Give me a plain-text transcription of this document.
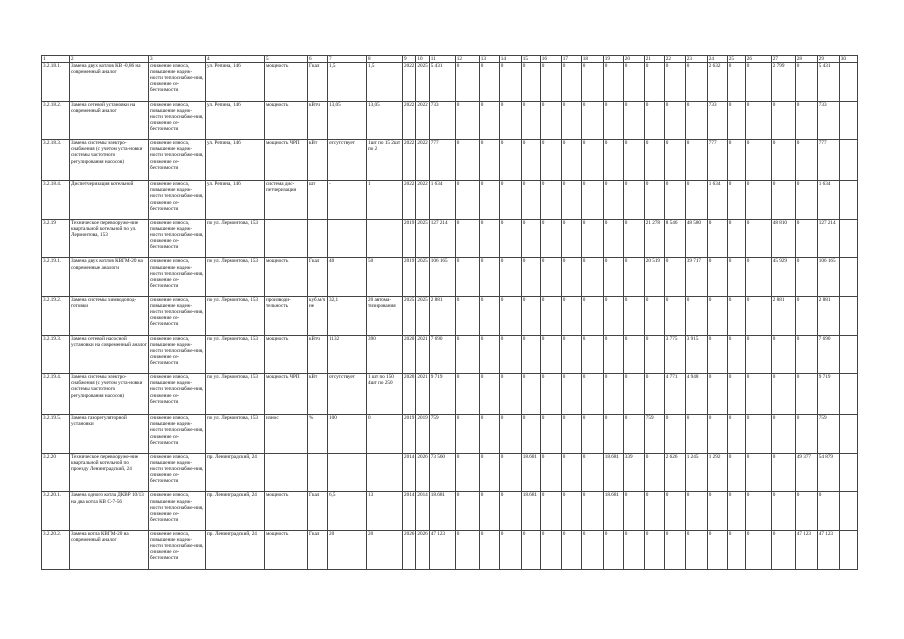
1	2	3	4	5	6	7	8	9	10	11	12	13	14	15	16	17	18	19	20	21	22	23	24	25	26	27	28	29	30
3.2.18.1.	Замена двух котлов КВ -0,86 на современный аналог	снижение износа, повышение надеж-ности теплоснабже-ния, снижение се-бестоимости	ул. Репина, 146	мощность	Гкал	1,5	1,5	2022	2025	5 431	0	0	0	0	0	0	0	0	0	0	0	0	2 632	0	0	2 799	0	5 431	
3.2.18.2.	Замена сетевой установки на современный аналог	снижение износа, повышение надеж-ности теплоснабже-ния, снижение се-бестоимости	ул. Репина, 146	мощность	кВтч	13,05	13,05	2022	2022	733	0	0	0	0	0	0	0	0	0	0	0	0	733	0	0	0	0	733	
3.2.18.3.	Замена системы электро-снабжения (с учетом уста-новки системы частотного регулирования насосов)	снижение износа, повышение надеж-ности теплоснабже-ния, снижение се-бестоимости	ул. Репина, 146	мощность ЧРП	кВт	отсутствует	1шт по 15 2шт по 2	2022	2022	777	0	0	0	0	0	0	0	0	0	0	0	0	777	0	0	0	0	777	
3.2.18.4.	Диспетчеризация котельной	снижение износа, повышение надеж-ности теплоснабже-ния, снижение се-бестоимости	ул. Репина, 146	система дис-петчеризации	шт	-	1	2022	2022	1 634	0	0	0	0	0	0	0	0	0	0	0	0	1 634	0	0	0	0	1 634	
3.2.19	Техническое перевооруже-ние квартальной котельной по ул. Лермонтова, 153	снижение износа, повышение надеж-ности теплоснабже-ния, снижение се-бестоимости	по ул. Лермонтова, 153					2019	2025	127 214	0	0	0	0	0	0	0	0	0	21 278	8 546	48 580	0	0	0	48 810	0	127 214	
3.2.19.1.	Замена двух котлов КВГМ-20 на современные аналоги	снижение износа, повышение надеж-ности теплоснабже-ния, снижение се-бестоимости	по ул. Лермонтова, 153	мощность	Гкал	40	50	2019	2025	106 165	0	0	0	0	0	0	0	0	0	20 519	0	39 717	0	0	0	45 929	0	106 165	
3.2.19.2.	Замена системы химводопод-готовки	снижение износа, повышение надеж-ности теплоснабже-ния, снижение се-бестоимости	по ул. Лермонтова, 153	производи-тельность	куб.м/ч не	32,1	20 автома-тизирования	2025	2025	2 881	0	0	0	0	0	0	0	0	0	0	0	0	0	0	0	2 881	0	2 881	
3.2.19.3.	Замена сетевой насосной установки на современный аналог	снижение износа, повышение надеж-ности теплоснабже-ния, снижение се-бестоимости	по ул. Лермонтова, 153	мощность	кВтч	1132	390	2020	2021	7 690	0	0	0	0	0	0	0	0	0	0	3 775	3 915	0	0	0	0	0	7 690	
3.2.19.4.	Замена системы электро-снабжения (с учетом уста-новки системы частотного регулирования насосов)	снижение износа, повышение надеж-ности теплоснабже-ния, снижение се-бестоимости	по ул. Лермонтова, 153	мощность ЧРП	кВт	отсутствует	1 шт по 150 4шт по 250	2020	2021	9 719	0	0	0	0	0	0	0	0	0	0	4 771	4 948	0	0	0	0	0	9 719	
3.2.19.5.	Замена газорегуляторной установки	снижение износа, повышение надеж-ности теплоснабже-ния, снижение се-бестоимости	по ул. Лермонтова, 153	износ	%	100	0	2019	2019	759	0	0	0	0	0	0	0	0	0	759	0	0	0	0	0	0	0	759	
3.2.20	Техническое перевооруже-ние квартальной котельной по проезду Ленинградский, 24	снижение износа, повышение надеж-ности теплоснабже-ния, снижение се-бестоимости	пр. Ленинградский, 24					2014	2026	73 560	0	0	0	18.681	0	0	0	18.681	339	0	2 626	1 245	1 292	0	0	0	49 377	54 879	
3.2.20.1.	Замена одного котла ДКВР 10/13 на два котла КВ С-7-56	снижение износа, повышение надеж-ности теплоснабже-ния, снижение се-бестоимости	пр. Ленинградский, 24	мощность	Гкал	6,5	13	2014	2014	18.681	0	0	0	18.681	0	0	0	18.681	0	0	0	0	0	0	0	0	0	0	
3.2.20.2.	Замена котла КВГМ-20 на современный аналог	снижение износа, повышение надеж-ности теплоснабже-ния, снижение се-бестоимости	пр. Ленинградский, 24	мощность	Гкал	20	20	2026	2026	47 123	0	0	0	0	0	0	0	0	0	0	0	0	0	0	0	0	47 123	47 123	
